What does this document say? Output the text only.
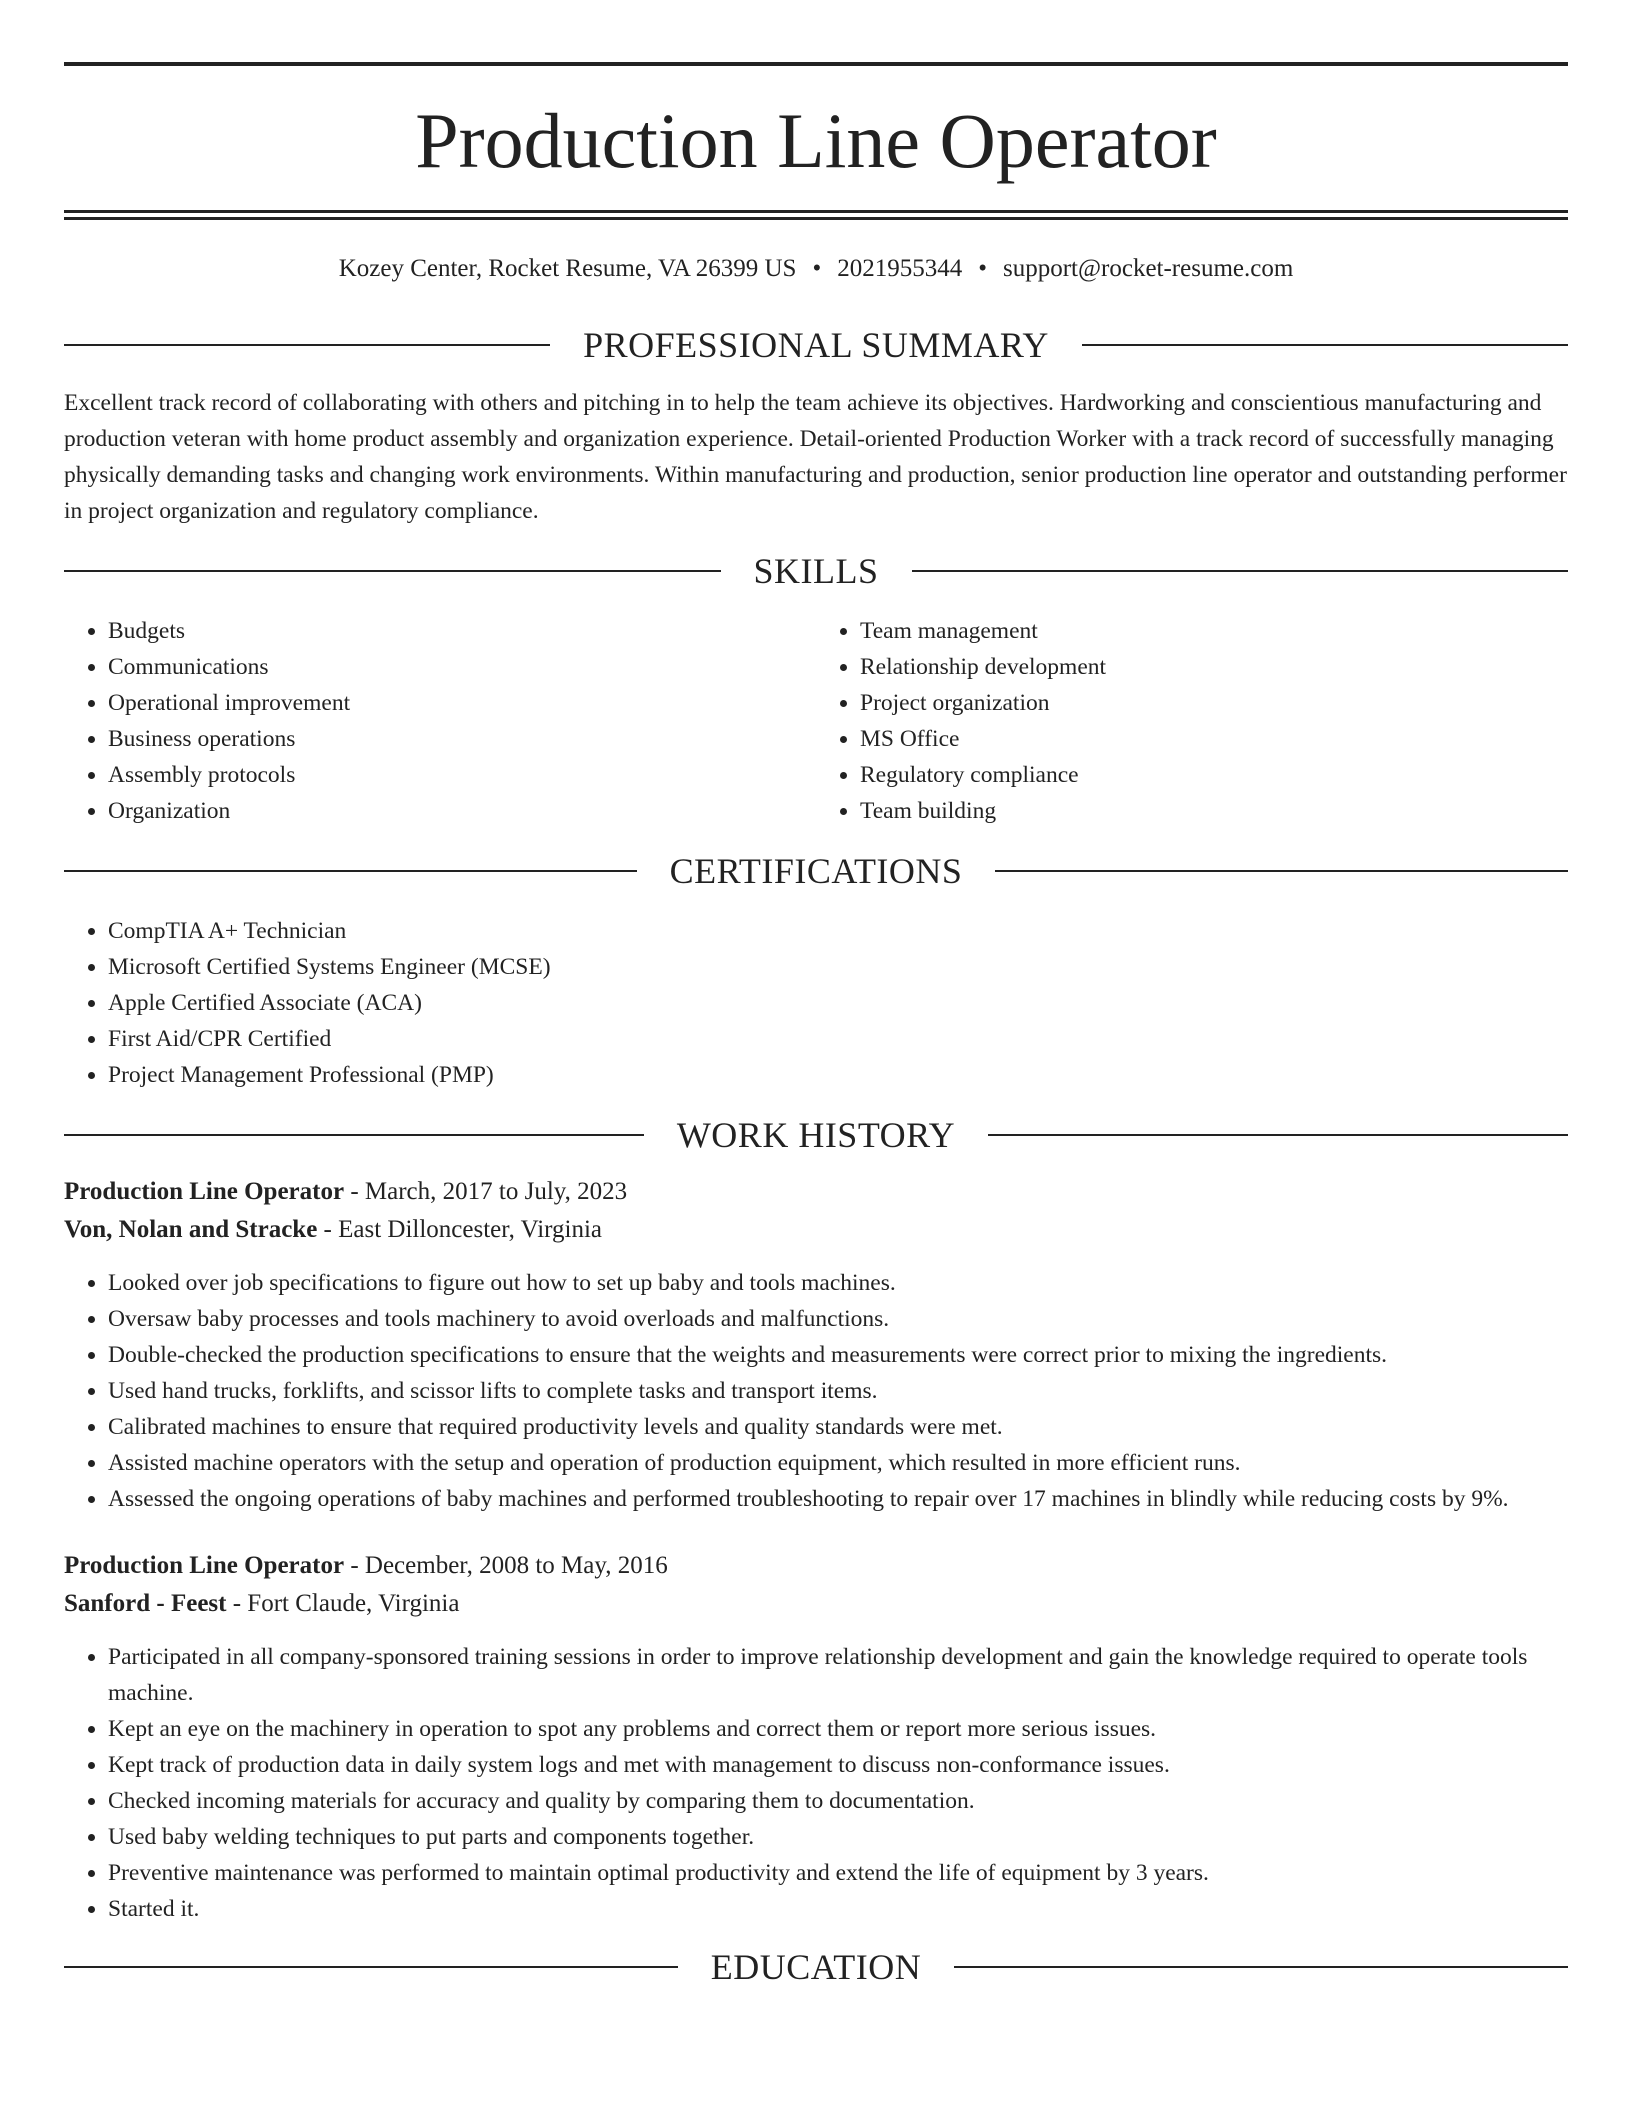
Production Line Operator
Kozey Center, Rocket Resume, VA 26399 US • 2021955344 • support@rocket-resume.com
PROFESSIONAL SUMMARY

Excellent track record of collaborating with others and pitching in to help the team achieve its objectives. Hardworking and conscientious manufacturing and production veteran with home product assembly and organization experience. Detail-oriented Production Worker with a track record of successfully managing physically demanding tasks and changing work environments. Within manufacturing and production, senior production line operator and outstanding performer in project organization and regulatory compliance.

SKILLS
• Budgets
• Communications
• Operational improvement
• Business operations
• Assembly protocols
• Organization
• Team management
• Relationship development
• Project organization
• MS Office
• Regulatory compliance
• Team building
CERTIFICATIONS
• CompTIA A+ Technician
• Microsoft Certified Systems Engineer (MCSE)
• Apple Certified Associate (ACA)
• First Aid/CPR Certified
• Project Management Professional (PMP)
WORK HISTORY
Production Line Operator - March, 2017 to July, 2023
Von, Nolan and Stracke - East Dilloncester, Virginia
• Looked over job specifications to figure out how to set up baby and tools machines.
• Oversaw baby processes and tools machinery to avoid overloads and malfunctions.
• Double-checked the production specifications to ensure that the weights and measurements were correct prior to mixing the ingredients.
• Used hand trucks, forklifts, and scissor lifts to complete tasks and transport items.
• Calibrated machines to ensure that required productivity levels and quality standards were met.
• Assisted machine operators with the setup and operation of production equipment, which resulted in more efficient runs.
• Assessed the ongoing operations of baby machines and performed troubleshooting to repair over 17 machines in blindly while reducing costs by 9%.
Production Line Operator - December, 2008 to May, 2016
Sanford - Feest - Fort Claude, Virginia
• Participated in all company-sponsored training sessions in order to improve relationship development and gain the knowledge required to operate tools machine.
• Kept an eye on the machinery in operation to spot any problems and correct them or report more serious issues.
• Kept track of production data in daily system logs and met with management to discuss non-conformance issues.
• Checked incoming materials for accuracy and quality by comparing them to documentation.
• Used baby welding techniques to put parts and components together.
• Preventive maintenance was performed to maintain optimal productivity and extend the life of equipment by 3 years.
• Started it.
EDUCATION
